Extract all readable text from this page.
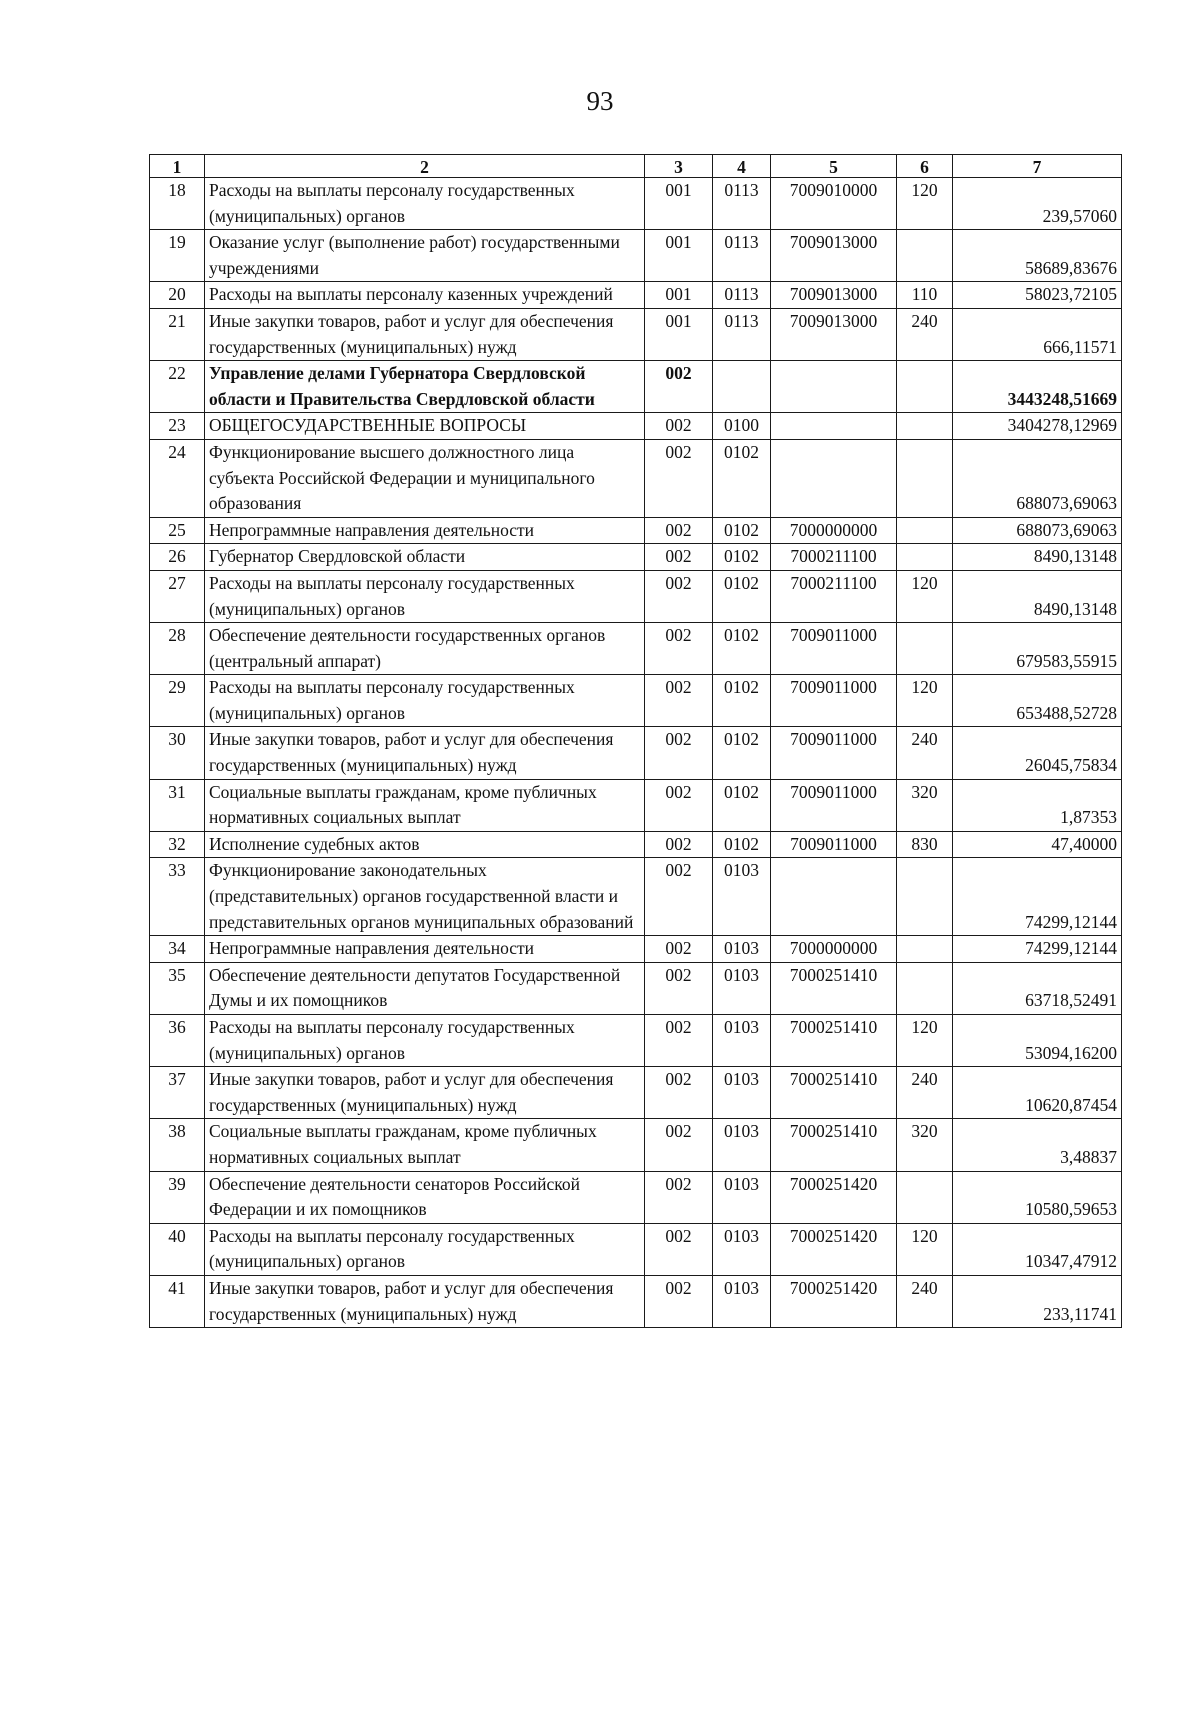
93
1	2	3	4	5	6	7
18	Расходы на выплаты персоналу государственных (муниципальных) органов	001	0113	7009010000	120	239,57060
19	Оказание услуг (выполнение работ) государственными учреждениями	001	0113	7009013000		58689,83676
20	Расходы на выплаты персоналу казенных учреждений	001	0113	7009013000	110	58023,72105
21	Иные закупки товаров, работ и услуг для обеспечения государственных (муниципальных) нужд	001	0113	7009013000	240	666,11571
22	Управление делами Губернатора Свердловской области и Правительства Свердловской области	002				3443248,51669
23	ОБЩЕГОСУДАРСТВЕННЫЕ ВОПРОСЫ	002	0100			3404278,12969
24	Функционирование высшего должностного лица субъекта Российской Федерации и муниципального образования	002	0102			688073,69063
25	Непрограммные направления деятельности	002	0102	7000000000		688073,69063
26	Губернатор Свердловской области	002	0102	7000211100		8490,13148
27	Расходы на выплаты персоналу государственных (муниципальных) органов	002	0102	7000211100	120	8490,13148
28	Обеспечение деятельности государственных органов (центральный аппарат)	002	0102	7009011000		679583,55915
29	Расходы на выплаты персоналу государственных (муниципальных) органов	002	0102	7009011000	120	653488,52728
30	Иные закупки товаров, работ и услуг для обеспечения государственных (муниципальных) нужд	002	0102	7009011000	240	26045,75834
31	Социальные выплаты гражданам, кроме публичных нормативных социальных выплат	002	0102	7009011000	320	1,87353
32	Исполнение судебных актов	002	0102	7009011000	830	47,40000
33	Функционирование законодательных (представительных) органов государственной власти и представительных органов муниципальных образований	002	0103			74299,12144
34	Непрограммные направления деятельности	002	0103	7000000000		74299,12144
35	Обеспечение деятельности депутатов Государственной Думы и их помощников	002	0103	7000251410		63718,52491
36	Расходы на выплаты персоналу государственных (муниципальных) органов	002	0103	7000251410	120	53094,16200
37	Иные закупки товаров, работ и услуг для обеспечения государственных (муниципальных) нужд	002	0103	7000251410	240	10620,87454
38	Социальные выплаты гражданам, кроме публичных нормативных социальных выплат	002	0103	7000251410	320	3,48837
39	Обеспечение деятельности сенаторов Российской Федерации и их помощников	002	0103	7000251420		10580,59653
40	Расходы на выплаты персоналу государственных (муниципальных) органов	002	0103	7000251420	120	10347,47912
41	Иные закупки товаров, работ и услуг для обеспечения государственных (муниципальных) нужд	002	0103	7000251420	240	233,11741
